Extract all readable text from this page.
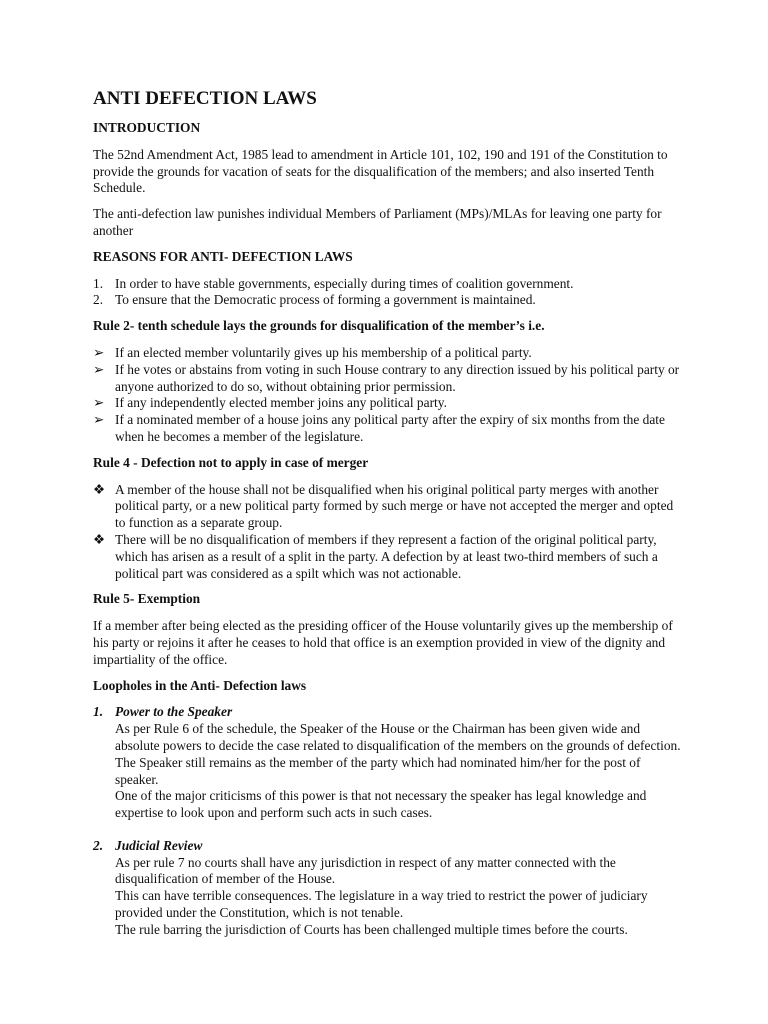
ANTI DEFECTION LAWS
INTRODUCTION

The 52nd Amendment Act, 1985 lead to amendment in Article 101, 102, 190 and 191 of the Constitution to provide the grounds for vacation of seats for the disqualification of the members; and also inserted Tenth Schedule.

The anti-defection law punishes individual Members of Parliament (MPs)/MLAs for leaving one party for another

REASONS FOR ANTI- DEFECTION LAWS
1. In order to have stable governments, especially during times of coalition government.
2. To ensure that the Democratic process of forming a government is maintained.
Rule 2- tenth schedule lays the grounds for disqualification of the member’s i.e.
➢ If an elected member voluntarily gives up his membership of a political party.
➢ If he votes or abstains from voting in such House contrary to any direction issued by his political party or anyone authorized to do so, without obtaining prior permission.
➢ If any independently elected member joins any political party.
➢ If a nominated member of a house joins any political party after the expiry of six months from the date when he becomes a member of the legislature.
Rule 4 - Defection not to apply in case of merger
❖ A member of the house shall not be disqualified when his original political party merges with another political party, or a new political party formed by such merge or have not accepted the merger and opted to function as a separate group.
❖ There will be no disqualification of members if they represent a faction of the original political party, which has arisen as a result of a split in the party. A defection by at least two-third members of such a political part was considered as a spilt which was not actionable.
Rule 5- Exemption

If a member after being elected as the presiding officer of the House voluntarily gives up the membership of his party or rejoins it after he ceases to hold that office is an exemption provided in view of the dignity and impartiality of the office.

Loopholes in the Anti- Defection laws
1. Power to the Speaker
As per Rule 6 of the schedule, the Speaker of the House or the Chairman has been given wide and absolute powers to decide the case related to disqualification of the members on the grounds of defection. The Speaker still remains as the member of the party which had nominated him/her for the post of speaker.
One of the major criticisms of this power is that not necessary the speaker has legal knowledge and expertise to look upon and perform such acts in such cases.
2. Judicial Review
As per rule 7 no courts shall have any jurisdiction in respect of any matter connected with the disqualification of member of the House.
This can have terrible consequences. The legislature in a way tried to restrict the power of judiciary provided under the Constitution, which is not tenable.
The rule barring the jurisdiction of Courts has been challenged multiple times before the courts.
